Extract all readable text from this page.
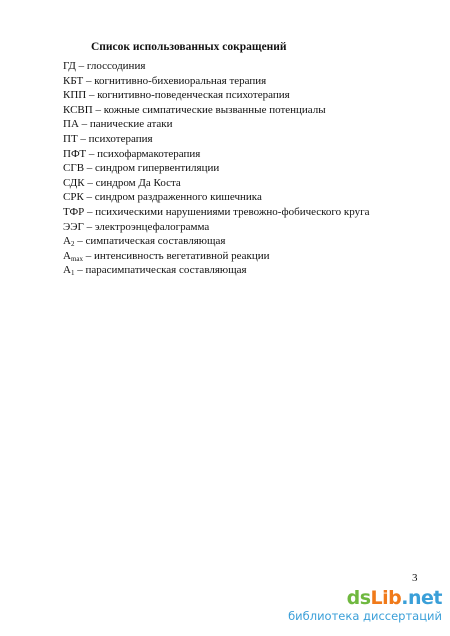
Список использованных сокращений
ГД – глоссодиния
КБТ – когнитивно-бихевиоральная терапия
КПП – когнитивно-поведенческая психотерапия
КСВП – кожные симпатические вызванные потенциалы
ПА – панические атаки
ПТ – психотерапия
ПФТ – психофармакотерапия
СГВ – синдром гипервентиляции
СДК – синдром Да Коста
СРК – синдром раздраженного кишечника
ТФР – психическими нарушениями тревожно-фобического круга
ЭЭГ – электроэнцефалограмма
$А_2$ – симпатическая составляющая
$А_{max}$ – интенсивность вегетативной реакции
$А_1$ – парасимпатическая составляющая
3
dsLib.net
библиотека диссертаций
